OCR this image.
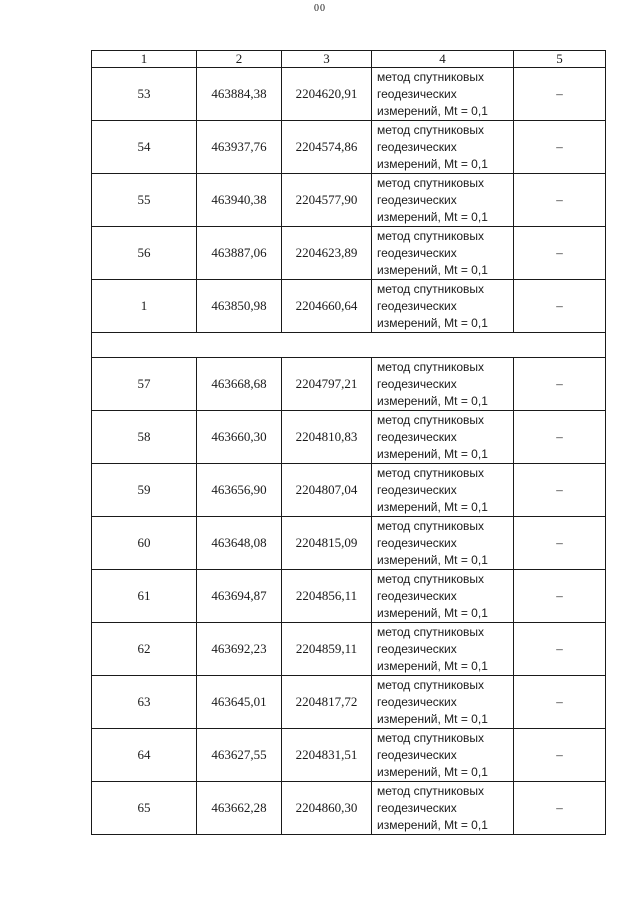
00
1	2	3	4	5
53	463884,38	2204620,91	метод спутниковых
геодезических
измерений, Mt = 0,1	–
54	463937,76	2204574,86	метод спутниковых
геодезических
измерений, Mt = 0,1	–
55	463940,38	2204577,90	метод спутниковых
геодезических
измерений, Mt = 0,1	–
56	463887,06	2204623,89	метод спутниковых
геодезических
измерений, Mt = 0,1	–
1	463850,98	2204660,64	метод спутниковых
геодезических
измерений, Mt = 0,1	–

57	463668,68	2204797,21	метод спутниковых
геодезических
измерений, Mt = 0,1	–
58	463660,30	2204810,83	метод спутниковых
геодезических
измерений, Mt = 0,1	–
59	463656,90	2204807,04	метод спутниковых
геодезических
измерений, Mt = 0,1	–
60	463648,08	2204815,09	метод спутниковых
геодезических
измерений, Mt = 0,1	–
61	463694,87	2204856,11	метод спутниковых
геодезических
измерений, Mt = 0,1	–
62	463692,23	2204859,11	метод спутниковых
геодезических
измерений, Mt = 0,1	–
63	463645,01	2204817,72	метод спутниковых
геодезических
измерений, Mt = 0,1	–
64	463627,55	2204831,51	метод спутниковых
геодезических
измерений, Mt = 0,1	–
65	463662,28	2204860,30	метод спутниковых
геодезических
измерений, Mt = 0,1	–
